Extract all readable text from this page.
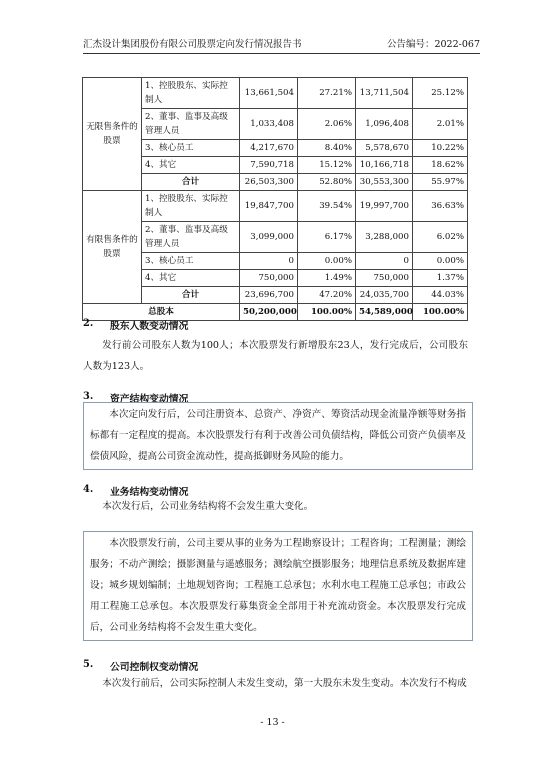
汇杰设计集团股份有限公司股票定向发行情况报告书	公告编号：2022-067
无限售条件的股票	1、控股股东、实际控制人	13,661,504	27.21%	13,711,504	25.12%
	2、董事、监事及高级管理人员	1,033,408	2.06%	1,096,408	2.01%
	3、核心员工	4,217,670	8.40%	5,578,670	10.22%
	4、其它	7,590,718	15.12%	10,166,718	18.62%
	合计	26,503,300	52.80%	30,553,300	55.97%
有限售条件的股票	1、控股股东、实际控制人	19,847,700	39.54%	19,997,700	36.63%
	2、董事、监事及高级管理人员	3,099,000	6.17%	3,288,000	6.02%
	3、核心员工	0	0.00%	0	0.00%
	4、其它	750,000	1.49%	750,000	1.37%
	合计	23,696,700	47.20%	24,035,700	44.03%
总股本		50,200,000	100.00%	54,589,000	100.00%
2.	股东人数变动情况
发行前公司股东人数为100人；本次股票发行新增股东23人，发行完成后，公司股东人数为123人。
3.	资产结构变动情况
本次定向发行后，公司注册资本、总资产、净资产、筹资活动现金流量净额等财务指标都有一定程度的提高。本次股票发行有利于改善公司负债结构，降低公司资产负债率及偿债风险，提高公司资金流动性，提高抵御财务风险的能力。
4.	业务结构变动情况
本次发行后，公司业务结构将不会发生重大变化。
本次股票发行前，公司主要从事的业务为工程勘察设计；工程咨询；工程测量；测绘服务；不动产测绘；摄影测量与遥感服务；测绘航空摄影服务；地理信息系统及数据库建设；城乡规划编制；土地规划咨询；工程施工总承包；水利水电工程施工总承包；市政公用工程施工总承包。本次股票发行募集资金全部用于补充流动资金。本次股票发行完成后，公司业务结构将不会发生重大变化。
5.	公司控制权变动情况
本次发行前后，公司实际控制人未发生变动，第一大股东未发生变动。本次发行不构成
- 13 -
